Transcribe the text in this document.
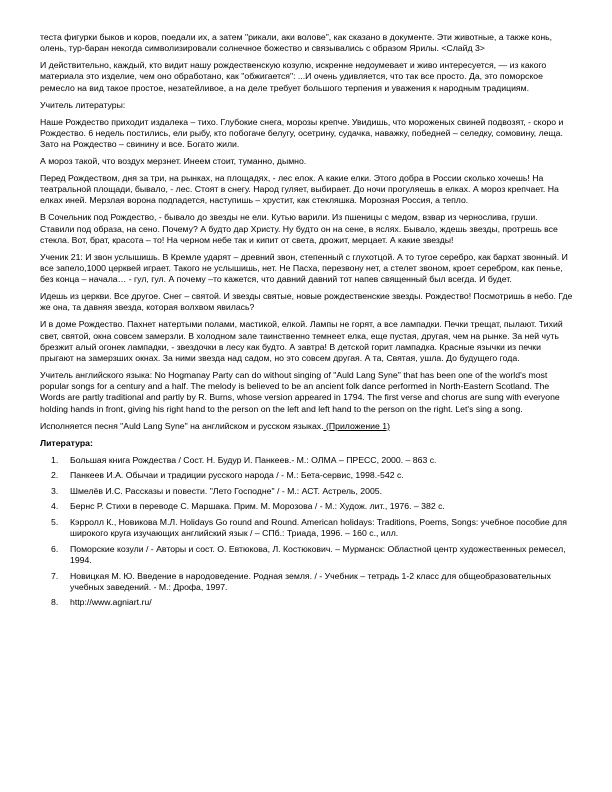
теста фигурки быков и коров, поедали их, а затем "рикали, аки волове", как сказано в документе. Эти животные, а также конь, олень, тур-баран некогда символизировали солнечное божество и связывались с образом Ярилы. <Слайд 3>

И действительно, каждый, кто видит нашу рождественскую козулю, искренне недоумевает и живо интересуется, — из какого материала это изделие, чем оно обработано, как "обжигается": ...И очень удивляется, что так все просто. Да, это поморское ремесло на вид такое простое, незатейливое, а на деле требует большого терпения и уважения к народным традициям.

Учитель литературы:

Наше Рождество приходит издалека – тихо. Глубокие снега, морозы крепче. Увидишь, что мороженых свиней подвозят, - скоро и Рождество. 6 недель постились, ели рыбу, кто побогаче белугу, осетрину, судачка, наважку, победней – селедку, сомовину, леща. Зато на Рождество – свинину и все. Богато жили.

А мороз такой, что воздух мерзнет. Инеем стоит, туманно, дымно.

Перед Рождеством, дня за три, на рынках, на площадях, - лес елок. А какие елки. Этого добра в России сколько хочешь! На театральной площади, бывало, - лес. Стоят в снегу. Народ гуляет, выбирает. До ночи прогуляешь в елках. А мороз крепчает. На елках иней. Мерзлая ворона подпадется, наступишь – хрустит, как стекляшка. Морозная Россия, а тепло.

В Сочельник под Рождество, - бывало до звезды не ели. Кутью варили. Из пшеницы с медом, взвар из чернослива, груши. Ставили под образа, на сено. Почему? А будто дар Христу. Ну будто он на сене, в яслях. Бывало, ждешь звезды, протрешь все стекла. Вот, брат, красота – то! На черном небе так и кипит от света, дрожит, мерцает. А какие звезды!

Ученик 21: И звон услышишь. В Кремле ударят – древний звон, степенный с глухотцой. А то тугое серебро, как бархат звонный. И все запело,1000 церквей играет. Такого не услышишь, нет. Не Пасха, перезвону нет, а стелет звоном, кроет серебром, как пенье, без конца – начала… - гул, гул. А почему –то кажется, что давний давний тот напев священный был всегда. И будет.

Идешь из церкви. Все другое. Снег – святой. И звезды святые, новые рождественские звезды. Рождество! Посмотришь в небо. Где же она, та давняя звезда, которая волхвом явилась?

И в доме Рождество. Пахнет натертыми полами, мастикой, елкой. Лампы не горят, а все лампадки. Печки трещат, пылают. Тихий свет, святой, окна совсем замерзли. В холодном зале таинственно темнеет елка, еще пустая, другая, чем на рынке. За ней чуть брезжит алый огонек лампадки, - звездочки в лесу как будто. А завтра! В детской горит лампадка. Красные язычки из печки прыгают на замерзших окнах. За ними звезда над садом, но это совсем другая. А та, Святая, ушла. До будущего года.

Учитель английского языка: No Hogmanay Party can do without singing of "Auld Lang Syne" that has been one of the world's most popular songs for a century and a half. The melody is believed to be an ancient folk dance performed in North-Eastern Scotland. The Words are partly traditional and partly by R. Burns, whose version appeared in 1794. The first verse and chorus are sung with everyone holding hands in front, giving his right hand to the person on the left and left hand to the person on the right. Let's sing a song.

Исполняется песня "Auld Lang Syne" на английском и русском языках. (Приложение 1)

Литература:

1. Большая книга Рождества / Сост. Н. Будур И. Панкеев.- М.: ОЛМА – ПРЕСС, 2000. – 863 с.
2. Панкеев И.А. Обычаи и традиции русского народа / - М.: Бета-сервис, 1998.-542 с.
3. Шмелёв И.С. Рассказы и повести. "Лето Господне" / - М.: АСТ. Астрель, 2005.
4. Бернс Р. Стихи в переводе С. Маршака. Прим. М. Морозова / - М.: Худож. лит., 1976. – 382 с.
5. Кэрролл К., Новикова М.Л. Holidays Go round and Round. American holidays: Traditions, Poems, Songs: учебное пособие для широкого круга изучающих английский язык / – СПб.: Триада, 1996. – 160 с., илл.
6. Поморские козули / - Авторы и сост. О. Евтюкова, Л. Костюкович. – Мурманск: Областной центр художественных ремесел, 1994.
7. Новицкая М. Ю. Введение в народоведение. Родная земля. / - Учебник – тетрадь 1-2 класс для общеобразовательных учебных заведений. - М.: Дрофа, 1997.
8. http://www.agniart.ru/
